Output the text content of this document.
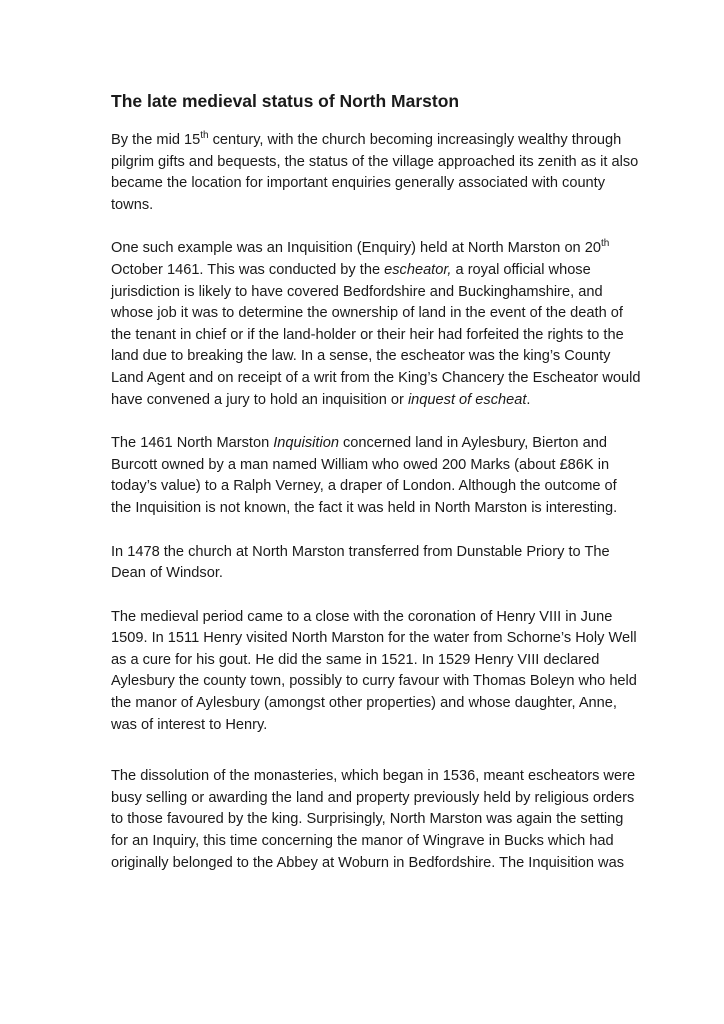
The late medieval status of North Marston

By the mid 15th century, with the church becoming increasingly wealthy through pilgrim gifts and bequests, the status of the village approached its zenith as it also became the location for important enquiries generally associated with county towns.

One such example was an Inquisition (Enquiry) held at North Marston on 20th October 1461. This was conducted by the escheator, a royal official whose jurisdiction is likely to have covered Bedfordshire and Buckinghamshire, and whose job it was to determine the ownership of land in the event of the death of the tenant in chief or if the land-holder or their heir had forfeited the rights to the land due to breaking the law. In a sense, the escheator was the king’s County Land Agent and on receipt of a writ from the King’s Chancery the Escheator would have convened a jury to hold an inquisition or inquest of escheat.

The 1461 North Marston Inquisition concerned land in Aylesbury, Bierton and Burcott owned by a man named William who owed 200 Marks (about £86K in today’s value) to a Ralph Verney, a draper of London. Although the outcome of the Inquisition is not known, the fact it was held in North Marston is interesting.

In 1478 the church at North Marston transferred from Dunstable Priory to The Dean of Windsor.

The medieval period came to a close with the coronation of Henry VIII in June 1509. In 1511 Henry visited North Marston for the water from Schorne’s Holy Well as a cure for his gout. He did the same in 1521. In 1529 Henry VIII declared Aylesbury the county town, possibly to curry favour with Thomas Boleyn who held the manor of Aylesbury (amongst other properties) and whose daughter, Anne, was of interest to Henry.

The dissolution of the monasteries, which began in 1536, meant escheators were busy selling or awarding the land and property previously held by religious orders to those favoured by the king. Surprisingly, North Marston was again the setting for an Inquiry, this time concerning the manor of Wingrave in Bucks which had originally belonged to the Abbey at Woburn in Bedfordshire. The Inquisition was
